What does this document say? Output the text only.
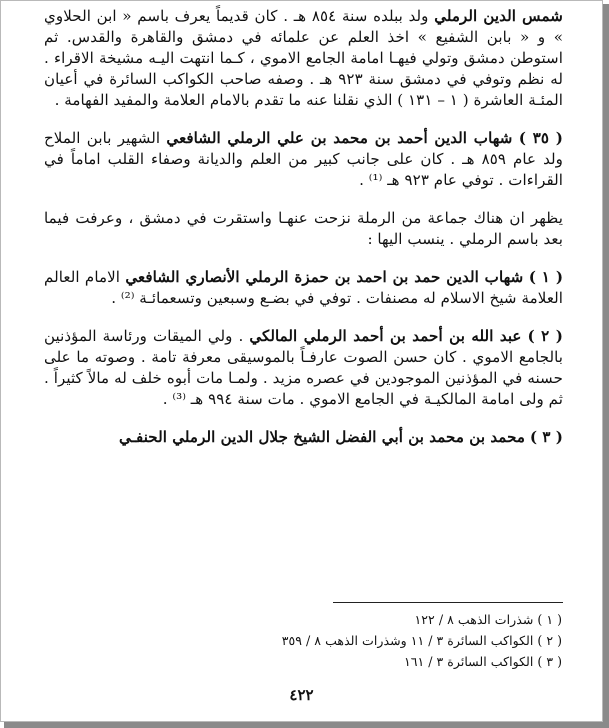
شمس الدين الرملي ولد ببلده سنة ٨٥٤ هـ . كان قديماً يعرف باسم « ابن الحلاوي » و « بابن الشفيع » اخذ العلم عن علمائه في دمشق والقاهرة والقدس. ثم استوطن دمشق وتولي فيهـا امامة الجامع الاموي ، كـما انتهت اليـه مشيخة الاقراء . له نظم وتوفي في دمشق سنة ٩٢٣ هـ . وصفه صاحب الكواكب السائرة في أعيان المئـة العاشرة ( ١ – ١٣١ ) الذي نقلنا عنه ما تقدم بالامام العلامة والمفيد الفهامة .

( ٣٥ ) شهاب الدين أحمد بن محمد بن علي الرملي الشافعي الشهير بابن الملاح ولد عام ٨٥٩ هـ . كان على جانب كبير من العلم والديانة وصفاء القلب اماماً في القراءات . توفي عام ٩٢٣ هـ ⁽¹⁾ .

يظهر ان هناك جماعة من الرملة نزحت عنهـا واستقرت في دمشق ، وعرفت فيما بعد باسم الرملي . ينسب اليها :

( ١ ) شهاب الدين حمد بن احمد بن حمزة الرملي الأنصاري الشافعي الامام العالم العلامة شيخ الاسلام له مصنفات . توفي في بضـع وسبعين وتسعمائـة ⁽²⁾ .

( ٢ ) عبد الله بن أحمد بن أحمد الرملي المالكي . ولي الميقات ورئاسة المؤذنين بالجامع الاموي . كان حسن الصوت عارفـاً بالموسيقى معرفة تامة . وصوته ما على حسنه في المؤذنين الموجودين في عصره مزيد . ولمـا مات أبوه خلف له مالاً كثيراً . ثم ولى امامة المالكيـة في الجامع الاموي . مات سنة ٩٩٤ هـ ⁽³⁾ .

( ٣ ) محمد بن محمد بن أبي الفضل الشيخ جلال الدين الرملي الحنفـي

( ١ ) شذرات الذهب ٨ / ١٢٢
( ٢ ) الكواكب السائرة ٣ / ١١ وشذرات الذهب ٨ / ٣٥٩
( ٣ ) الكواكب السائرة ٣ / ١٦١
٤٢٢
